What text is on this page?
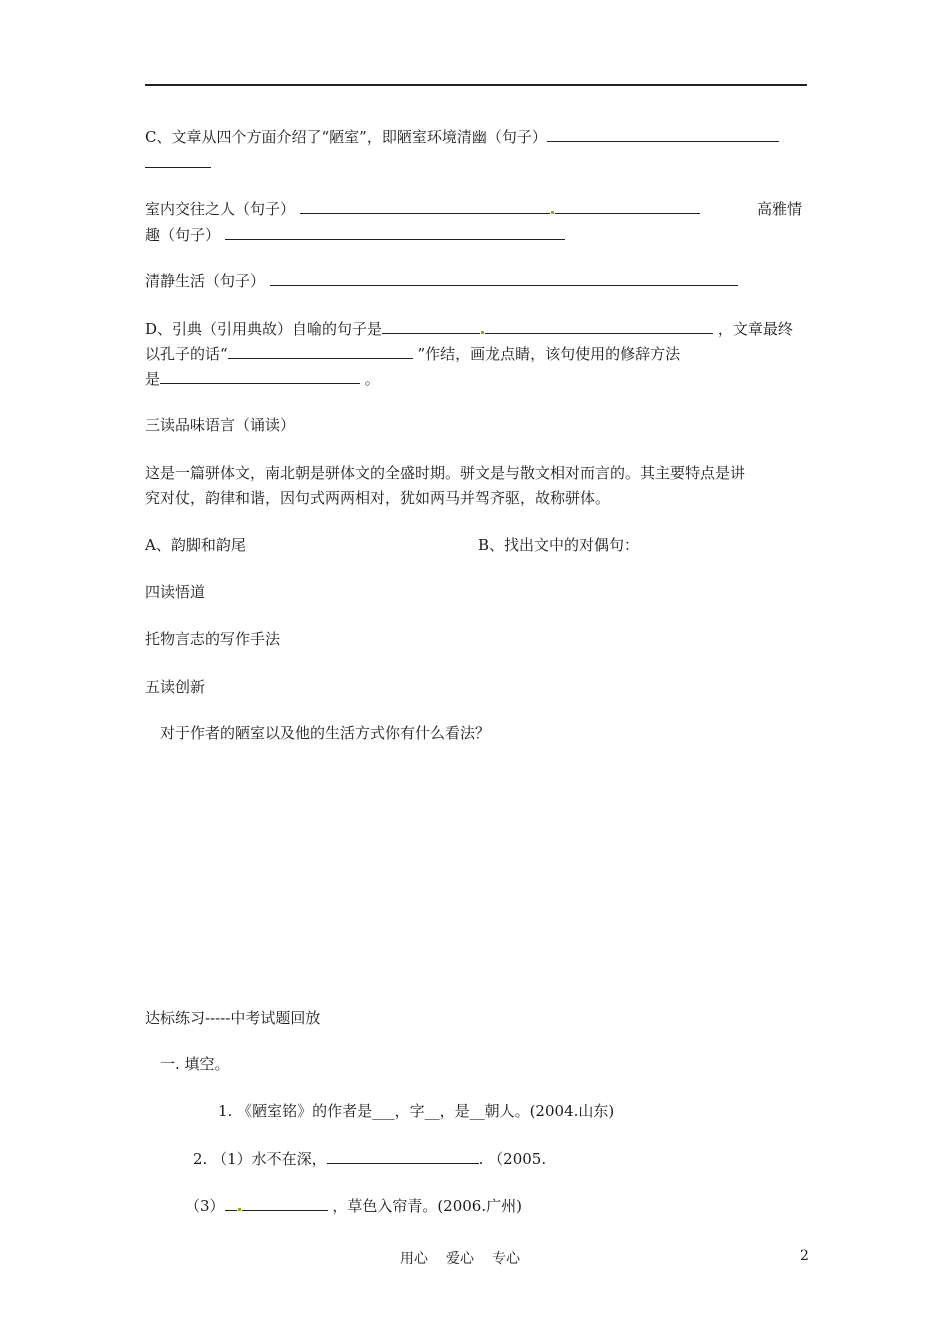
C、文章从四个方面介绍了“陋室”，即陋室环境清幽（句子）
室内交往之人（句子）	高雅情
趣（句子）
清静生活（句子）
D、引典（引用典故）自喻的句子是	，文章最终
以孔子的话“	”作结，画龙点睛，该句使用的修辞方法
是	。
三读品味语言（诵读）
这是一篇骈体文，南北朝是骈体文的全盛时期。骈文是与散文相对而言的。其主要特点是讲
究对仗，韵律和谐，因句式两两相对，犹如两马并驾齐驱，故称骈体。
A、韵脚和韵尾	B、找出文中的对偶句：
四读悟道
托物言志的写作手法
五读创新
对于作者的陋室以及他的生活方式你有什么看法？
达标练习-----中考试题回放
一. 填空。
1. 《陋室铭》的作者是___，字__，是__朝人。(2004.山东)
2. （1）水不在深，	. （2005.
（3）	，草色入帘青。(2006.广州)
用心 爱心 专心	2
